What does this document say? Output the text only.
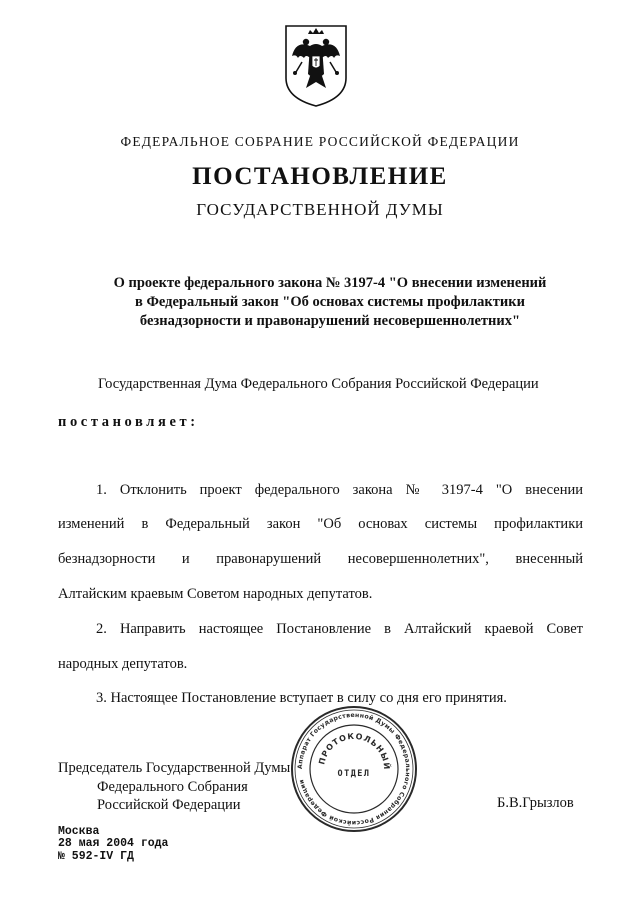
ФЕДЕРАЛЬНОЕ СОБРАНИЕ РОССИЙСКОЙ ФЕДЕРАЦИИ
ПОСТАНОВЛЕНИЕ
ГОСУДАРСТВЕННОЙ ДУМЫ
О проекте федерального закона № 3197-4 "О внесении изменений
в Федеральный закон "Об основах системы профилактики
безнадзорности и правонарушений несовершеннолетних"
Государственная Дума Федерального Собрания Российской Федерации
постановляет:
1. Отклонить проект федерального закона № 3197-4 "О внесении
изменений в Федеральный закон "Об основах системы профилактики
безнадзорности и правонарушений несовершеннолетних", внесенный
Алтайским краевым Советом народных депутатов.
2. Направить настоящее Постановление в Алтайский краевой Совет
народных депутатов.
3. Настоящее Постановление вступает в силу со дня его принятия.
Председатель Государственной Думы
Федерального Собрания
Российской Федерации	Б.В.Грызлов
Москва
28 мая 2004 года
№ 592-IV ГД
Аппарат Государственной Думы Федерального Собрания Российской Федерации
ПРОТОКОЛЬНЫЙ
ОТДЕЛ
